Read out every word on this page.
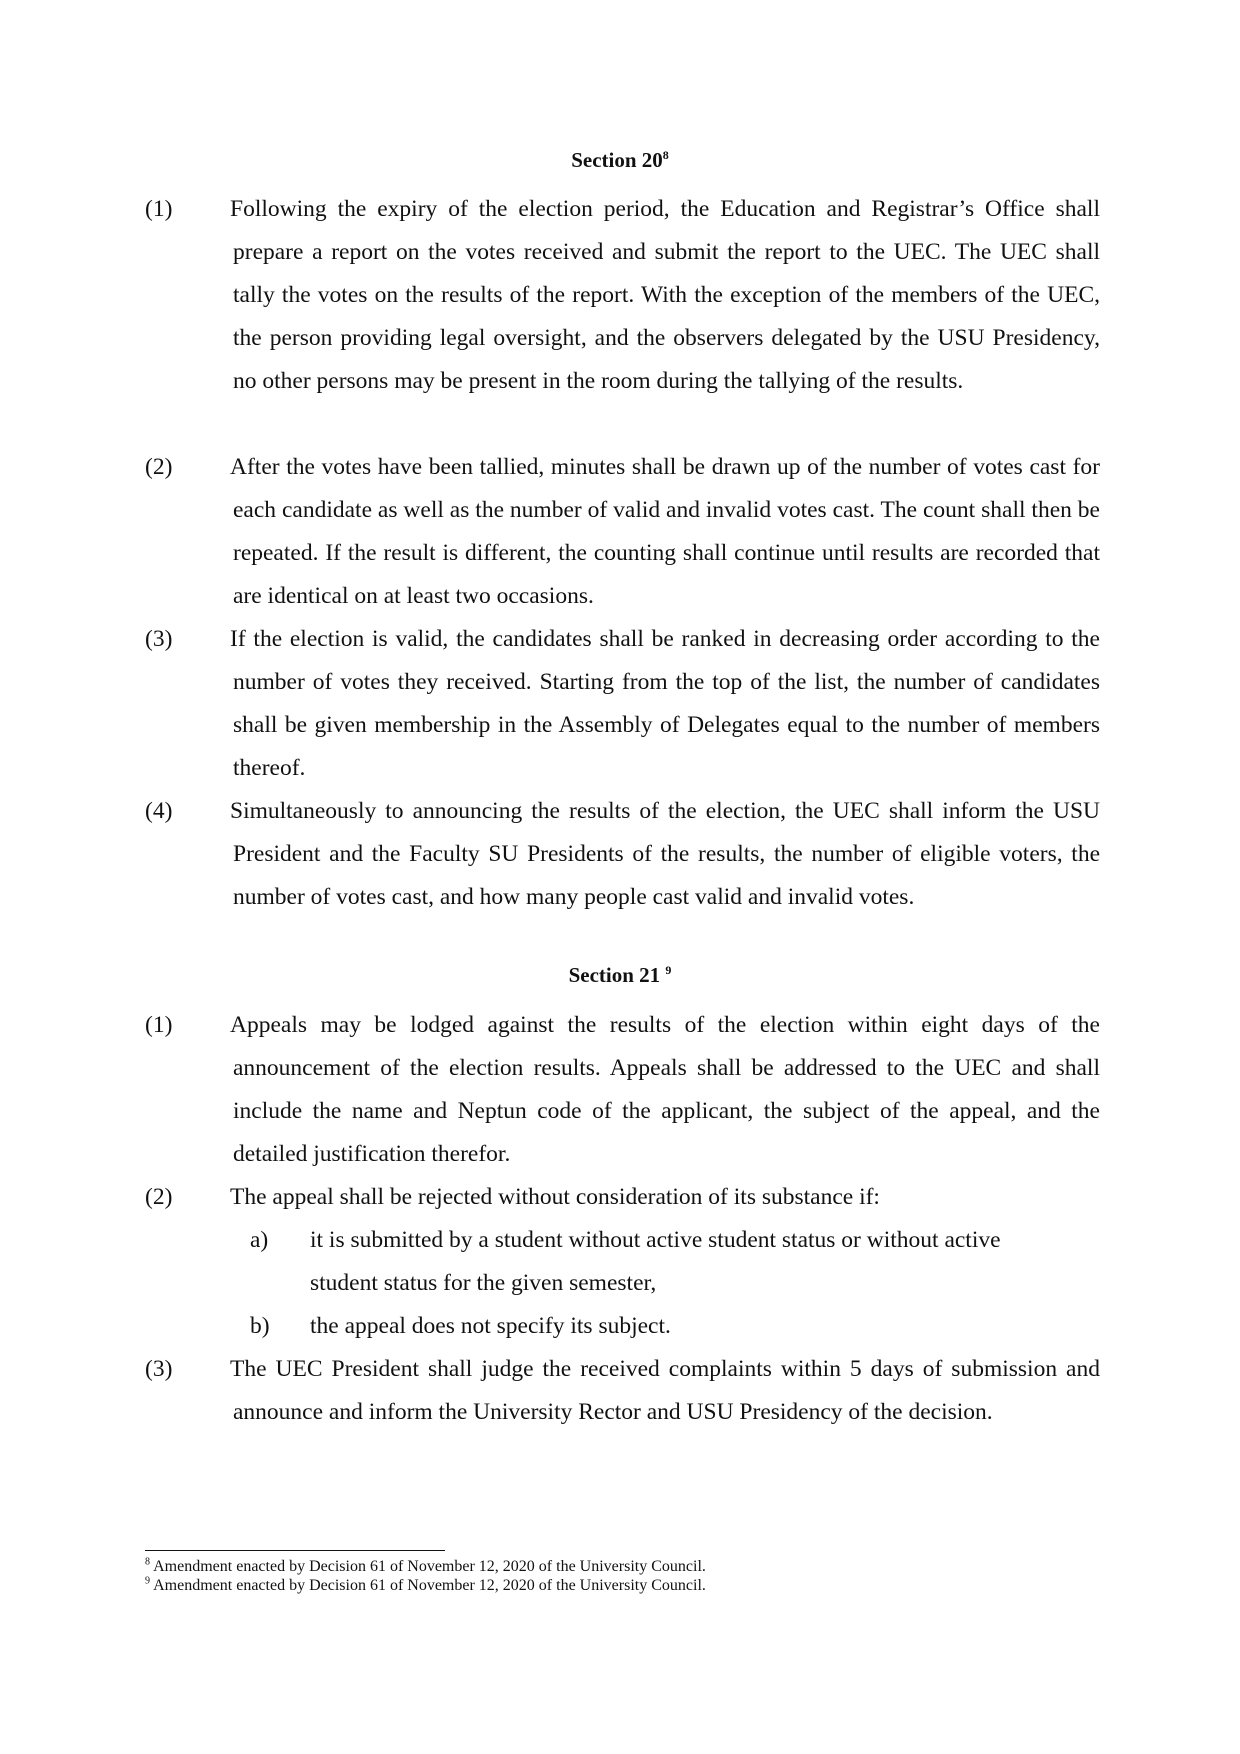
Section $20^8$
(1)	Following the expiry of the election period, the Education and Registrar’s Office shall prepare a report on the votes received and submit the report to the UEC. The UEC shall tally the votes on the results of the report. With the exception of the members of the UEC, the person providing legal oversight, and the observers delegated by the USU Presidency, no other persons may be present in the room during the tallying of the results.
(2)	After the votes have been tallied, minutes shall be drawn up of the number of votes cast for each candidate as well as the number of valid and invalid votes cast. The count shall then be repeated. If the result is different, the counting shall continue until results are recorded that are identical on at least two occasions.
(3)	If the election is valid, the candidates shall be ranked in decreasing order according to the number of votes they received. Starting from the top of the list, the number of candidates shall be given membership in the Assembly of Delegates equal to the number of members thereof.
(4)	Simultaneously to announcing the results of the election, the UEC shall inform the USU President and the Faculty SU Presidents of the results, the number of eligible voters, the number of votes cast, and how many people cast valid and invalid votes.
Section 21 $^9$
(1)	Appeals may be lodged against the results of the election within eight days of the announcement of the election results. Appeals shall be addressed to the UEC and shall include the name and Neptun code of the applicant, the subject of the appeal, and the detailed justification therefor.
(2)	The appeal shall be rejected without consideration of its substance if:
a)	it is submitted by a student without active student status or without active student status for the given semester,
b)	the appeal does not specify its subject.
(3)	The UEC President shall judge the received complaints within 5 days of submission and announce and inform the University Rector and USU Presidency of the decision.
$^8$ Amendment enacted by Decision 61 of November 12, 2020 of the University Council.
$^9$ Amendment enacted by Decision 61 of November 12, 2020 of the University Council.
